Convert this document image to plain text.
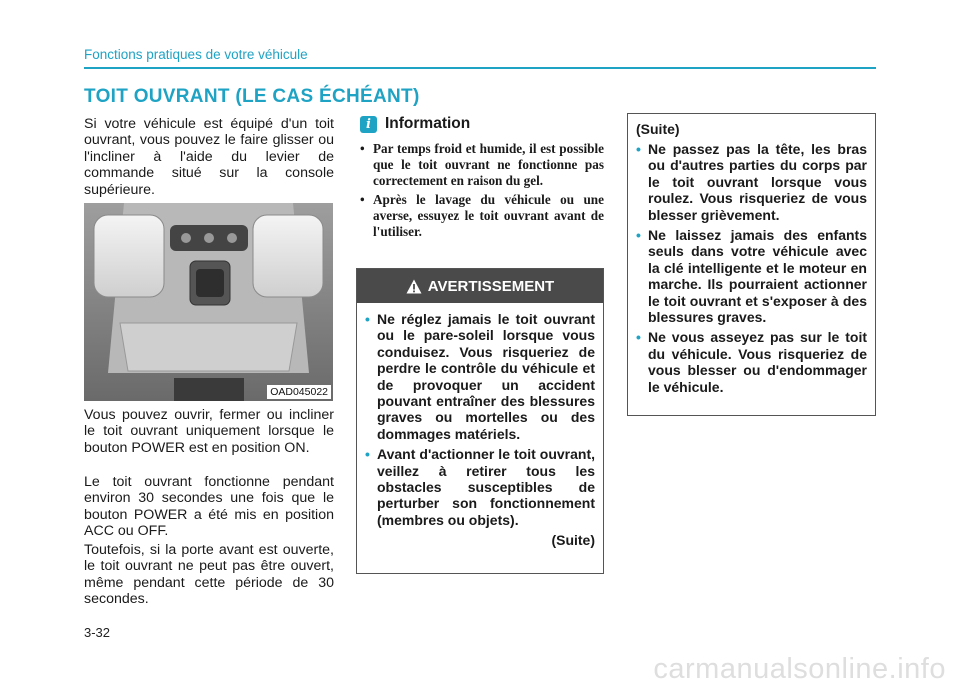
Fonctions pratiques de votre véhicule
TOIT OUVRANT (LE CAS ÉCHÉANT)

Si votre véhicule est équipé d'un toit ouvrant, vous pouvez le faire glisser ou l'incliner à l'aide du levier de commande situé sur la console supérieure.

OAD045022

Vous pouvez ouvrir, fermer ou incliner le toit ouvrant uniquement lorsque le bouton POWER est en position ON.

Le toit ouvrant fonctionne pendant environ 30 secondes une fois que le bouton POWER a été mis en position ACC ou OFF.

Toutefois, si la porte avant est ouverte, le toit ouvrant ne peut pas être ouvert, même pendant cette période de 30 secondes.

i Information
• Par temps froid et humide, il est possible que le toit ouvrant ne fonctionne pas correctement en raison du gel.
• Après le lavage du véhicule ou une averse, essuyez le toit ouvrant avant de l'utiliser.
AVERTISSEMENT
• Ne réglez jamais le toit ouvrant ou le pare-soleil lorsque vous conduisez. Vous risqueriez de perdre le contrôle du véhicule et de provoquer un accident pouvant entraîner des blessures graves ou mortelles ou des dommages matériels.
• Avant d'actionner le toit ouvrant, veillez à retirer tous les obstacles susceptibles de perturber son fonctionnement (membres ou objets).
(Suite)
(Suite)
• Ne passez pas la tête, les bras ou d'autres parties du corps par le toit ouvrant lorsque vous roulez. Vous risqueriez de vous blesser grièvement.
• Ne laissez jamais des enfants seuls dans votre véhicule avec la clé intelligente et le moteur en marche. Ils pourraient actionner le toit ouvrant et s'exposer à des blessures graves.
• Ne vous asseyez pas sur le toit du véhicule. Vous risqueriez de vous blesser ou d'endommager le véhicule.
3-32
carmanualsonline.info
